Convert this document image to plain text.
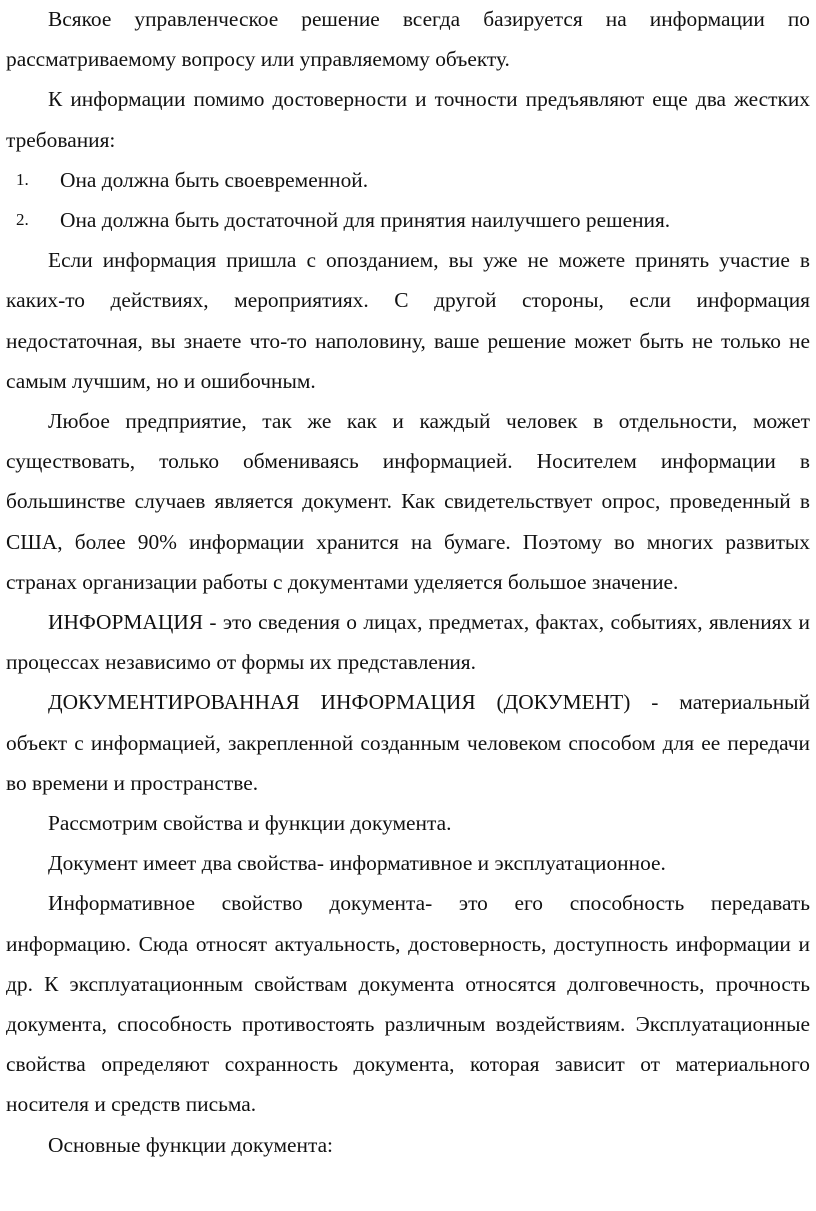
Всякое управленческое решение всегда базируется на информации по рассматриваемому вопросу или управляемому объекту.

К информации помимо достоверности и точности предъявляют еще два жестких требования:

1. Она должна быть своевременной.

2. Она должна быть достаточной для принятия наилучшего решения.

Если информация пришла с опозданием, вы уже не можете принять участие в каких-то действиях, мероприятиях. С другой стороны, если информация недостаточная, вы знаете что-то наполовину, ваше решение может быть не только не самым лучшим, но и ошибочным.

Любое предприятие, так же как и каждый человек в отдельности, может существовать, только обмениваясь информацией. Носителем информации в большинстве случаев является документ. Как свидетельствует опрос, проведенный в США, более 90% информации хранится на бумаге. Поэтому во многих развитых странах организации работы с документами уделяется большое значение.

ИНФОРМАЦИЯ - это сведения о лицах, предметах, фактах, событиях, явлениях и процессах независимо от формы их представления.

ДОКУМЕНТИРОВАННАЯ ИНФОРМАЦИЯ (ДОКУМЕНТ) - материальный объект с информацией, закрепленной созданным человеком способом для ее передачи во времени и пространстве.

Рассмотрим свойства и функции документа.

Документ имеет два свойства- информативное и эксплуатационное.

Информативное свойство документа- это его способность передавать информацию. Сюда относят актуальность, достоверность, доступность информации и др. К эксплуатационным свойствам документа относятся долговечность, прочность документа, способность противостоять различным воздействиям. Эксплуатационные свойства определяют сохранность документа, которая зависит от материального носителя и средств письма.

Основные функции документа:
